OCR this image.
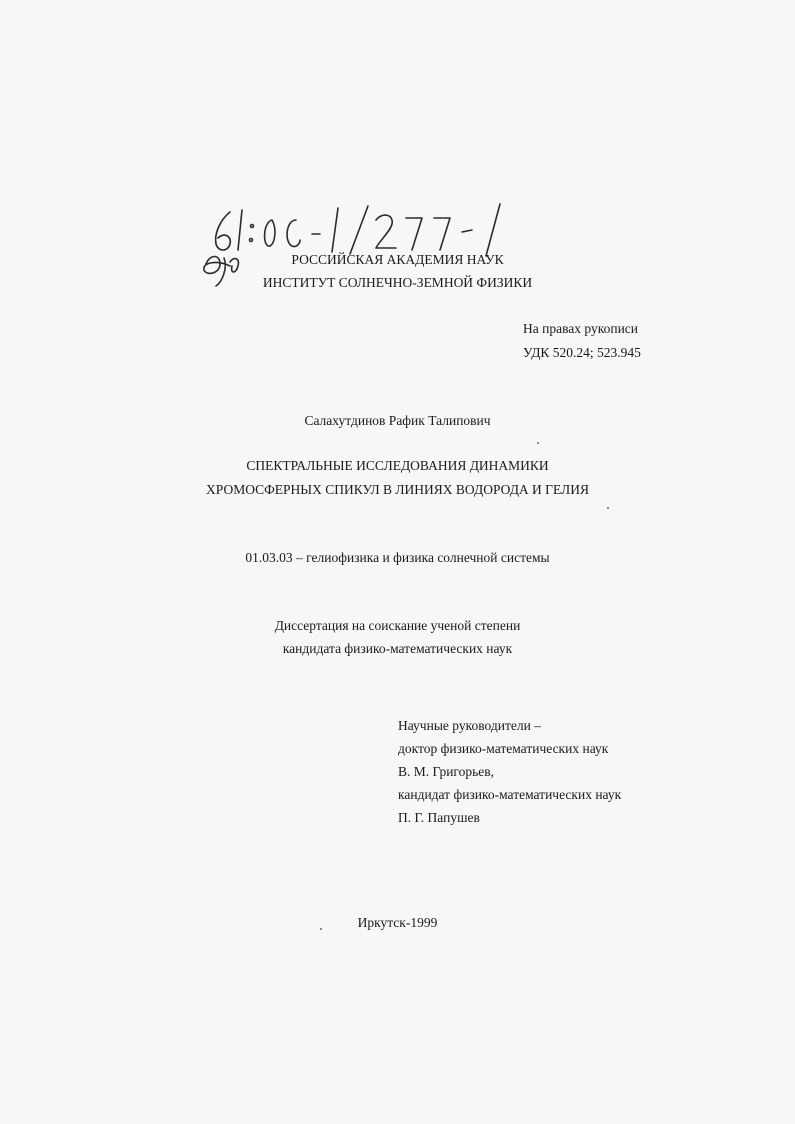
РОССИЙСКАЯ АКАДЕМИЯ НАУК
ИНСТИТУТ СОЛНЕЧНО-ЗЕМНОЙ ФИЗИКИ
На правах рукописи
УДК 520.24; 523.945
Салахутдинов Рафик Талипович
СПЕКТРАЛЬНЫЕ ИССЛЕДОВАНИЯ ДИНАМИКИ
ХРОМОСФЕРНЫХ СПИКУЛ В ЛИНИЯХ ВОДОРОДА И ГЕЛИЯ
01.03.03 – гелиофизика и физика солнечной системы
Диссертация на соискание ученой степени
кандидата физико-математических наук
Научные руководители –
доктор физико-математических наук
В. М. Григорьев,
кандидат физико-математических наук
П. Г. Папушев
Иркутск-1999
